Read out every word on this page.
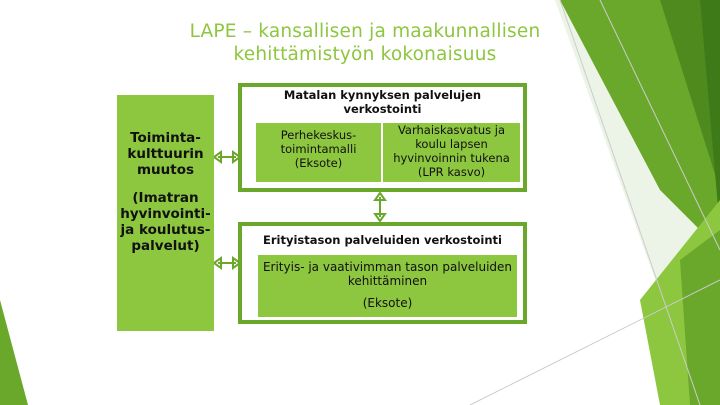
LAPE – kansallisen ja maakunnallisen
kehittämistyön kokonaisuus
Toiminta-
kulttuurin
muutos
(Imatran
hyvinvointi-
ja koulutus-
palvelut)
Matalan kynnyksen palvelujen
verkostointi
Perhekeskus-
toimintamalli
(Eksote)
Varhaiskasvatus ja
koulu lapsen
hyvinvoinnin tukena
(LPR kasvo)
Erityistason palveluiden verkostointi
Erityis- ja vaativimman tason palveluiden
kehittäminen
(Eksote)
